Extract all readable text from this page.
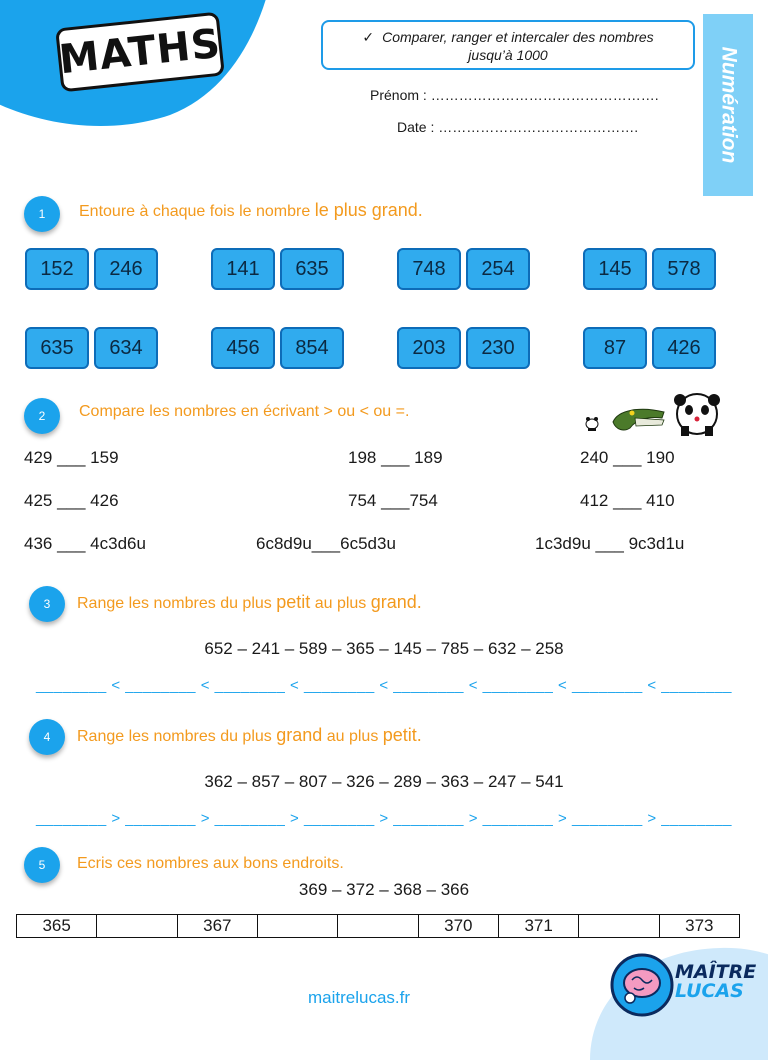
MATHS	✓ Comparer, ranger et intercaler des nombres
jusqu’à 1000
Prénom : ………………………………………….
Date : …………………………………….	Numération
1	Entoure à chaque fois le nombre le plus grand.
152	246	141	635	748	254	145	578
635	634	456	854	203	230	87	426
2	Compare les nombres en écrivant > ou < ou =.
429 ___ 159	198 ___ 189	240 ___ 190
425 ___ 426	754 ___754	412 ___ 410
436 ___ 4c3d6u	6c8d9u___6c5d3u	1c3d9u ___ 9c3d1u
3	Range les nombres du plus petit au plus grand.
652 – 241 – 589 – 365 – 145 – 785 – 632 – 258
________ < ________ < ________ < ________ < ________ < ________ < ________ < ________
4	Range les nombres du plus grand au plus petit.
362 – 857 – 807 – 326 – 289 – 363 – 247 – 541
________ > ________ > ________ > ________ > ________ > ________ > ________ > ________
5	Ecris ces nombres aux bons endroits.
369 – 372 – 368 – 366
365		367			370	371		373
maitrelucas.fr
MAÎTRE
LUCAS
